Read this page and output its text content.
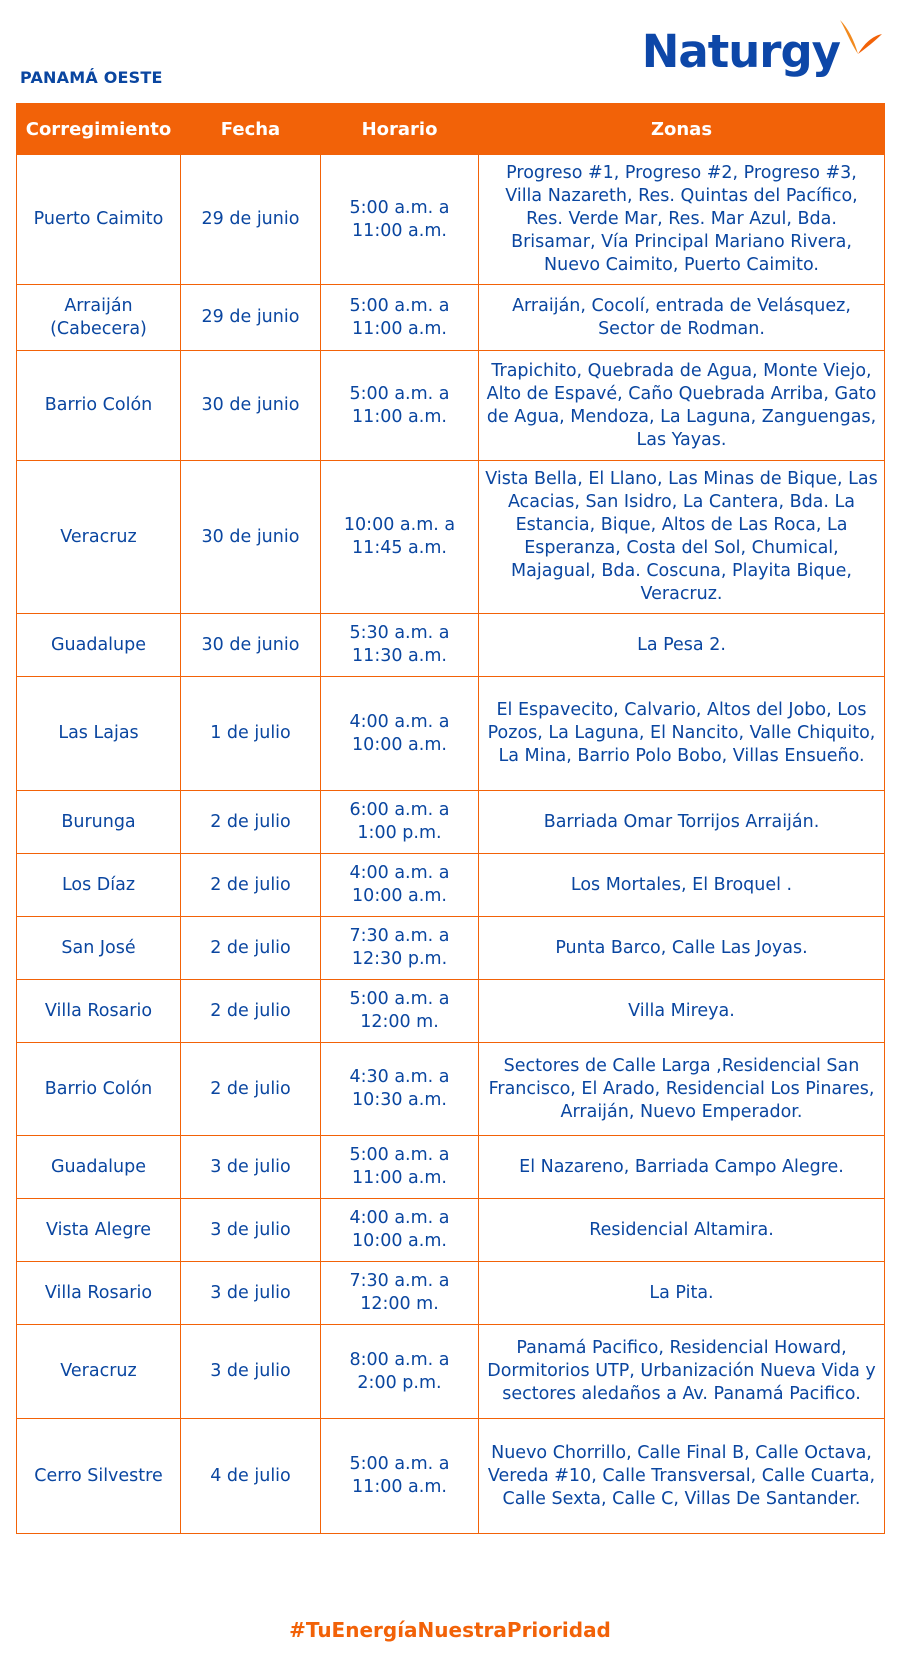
PANAMÁ OESTE	Naturgy
Corregimiento	Fecha	Horario	Zonas
Puerto Caimito	29 de junio	5:00 a.m. a 11:00 a.m.	Progreso #1, Progreso #2, Progreso #3, Villa Nazareth, Res. Quintas del Pacífico, Res. Verde Mar, Res. Mar Azul, Bda. Brisamar, Vía Principal Mariano Rivera, Nuevo Caimito, Puerto Caimito.
Arraiján (Cabecera)	29 de junio	5:00 a.m. a 11:00 a.m.	Arraiján, Cocolí, entrada de Velásquez, Sector de Rodman.
Barrio Colón	30 de junio	5:00 a.m. a 11:00 a.m.	Trapichito, Quebrada de Agua, Monte Viejo, Alto de Espavé, Caño Quebrada Arriba, Gato de Agua, Mendoza, La Laguna, Zanguengas, Las Yayas.
Veracruz	30 de junio	10:00 a.m. a 11:45 a.m.	Vista Bella, El Llano, Las Minas de Bique, Las Acacias, San Isidro, La Cantera, Bda. La Estancia, Bique, Altos de Las Roca, La Esperanza, Costa del Sol, Chumical, Majagual, Bda. Coscuna, Playita Bique, Veracruz.
Guadalupe	30 de junio	5:30 a.m. a 11:30 a.m.	La Pesa 2.
Las Lajas	1 de julio	4:00 a.m. a 10:00 a.m.	El Espavecito, Calvario, Altos del Jobo, Los Pozos, La Laguna, El Nancito, Valle Chiquito, La Mina, Barrio Polo Bobo, Villas Ensueño.
Burunga	2 de julio	6:00 a.m. a 1:00 p.m.	Barriada Omar Torrijos Arraiján.
Los Díaz	2 de julio	4:00 a.m. a 10:00 a.m.	Los Mortales, El Broquel .
San José	2 de julio	7:30 a.m. a 12:30 p.m.	Punta Barco, Calle Las Joyas.
Villa Rosario	2 de julio	5:00 a.m. a 12:00 m.	Villa Mireya.
Barrio Colón	2 de julio	4:30 a.m. a 10:30 a.m.	Sectores de Calle Larga ,Residencial San Francisco, El Arado, Residencial Los Pinares, Arraiján, Nuevo Emperador.
Guadalupe	3 de julio	5:00 a.m. a 11:00 a.m.	El Nazareno, Barriada Campo Alegre.
Vista Alegre	3 de julio	4:00 a.m. a 10:00 a.m.	Residencial Altamira.
Villa Rosario	3 de julio	7:30 a.m. a 12:00 m.	La Pita.
Veracruz	3 de julio	8:00 a.m. a 2:00 p.m.	Panamá Pacifico, Residencial Howard, Dormitorios UTP, Urbanización Nueva Vida y sectores aledaños a Av. Panamá Pacifico.
Cerro Silvestre	4 de julio	5:00 a.m. a 11:00 a.m.	Nuevo Chorrillo, Calle Final B, Calle Octava, Vereda #10, Calle Transversal, Calle Cuarta, Calle Sexta, Calle C, Villas De Santander.
#TuEnergíaNuestraPrioridad
